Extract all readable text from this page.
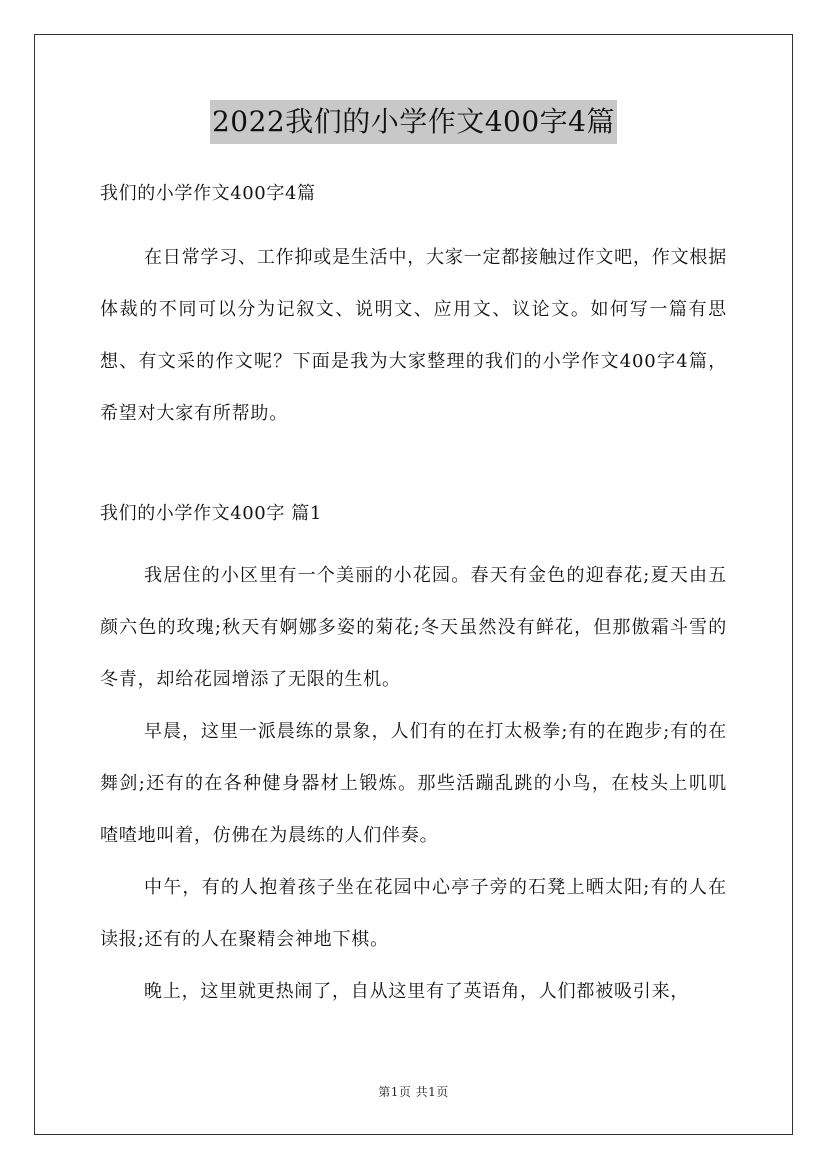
2022我们的小学作文400字4篇

我们的小学作文400字4篇

在日常学习、工作抑或是生活中，大家一定都接触过作文吧，作文根据体裁的不同可以分为记叙文、说明文、应用文、议论文。如何写一篇有思想、有文采的作文呢？下面是我为大家整理的我们的小学作文400字4篇，希望对大家有所帮助。

我们的小学作文400字 篇1

我居住的小区里有一个美丽的小花园。春天有金色的迎春花;夏天由五颜六色的玫瑰;秋天有婀娜多姿的菊花;冬天虽然没有鲜花，但那傲霜斗雪的冬青，却给花园增添了无限的生机。

早晨，这里一派晨练的景象，人们有的在打太极拳;有的在跑步;有的在舞剑;还有的在各种健身器材上锻炼。那些活蹦乱跳的小鸟，在枝头上叽叽喳喳地叫着，仿佛在为晨练的人们伴奏。

中午，有的人抱着孩子坐在花园中心亭子旁的石凳上晒太阳;有的人在读报;还有的人在聚精会神地下棋。

晚上，这里就更热闹了，自从这里有了英语角，人们都被吸引来，

第1页 共1页
